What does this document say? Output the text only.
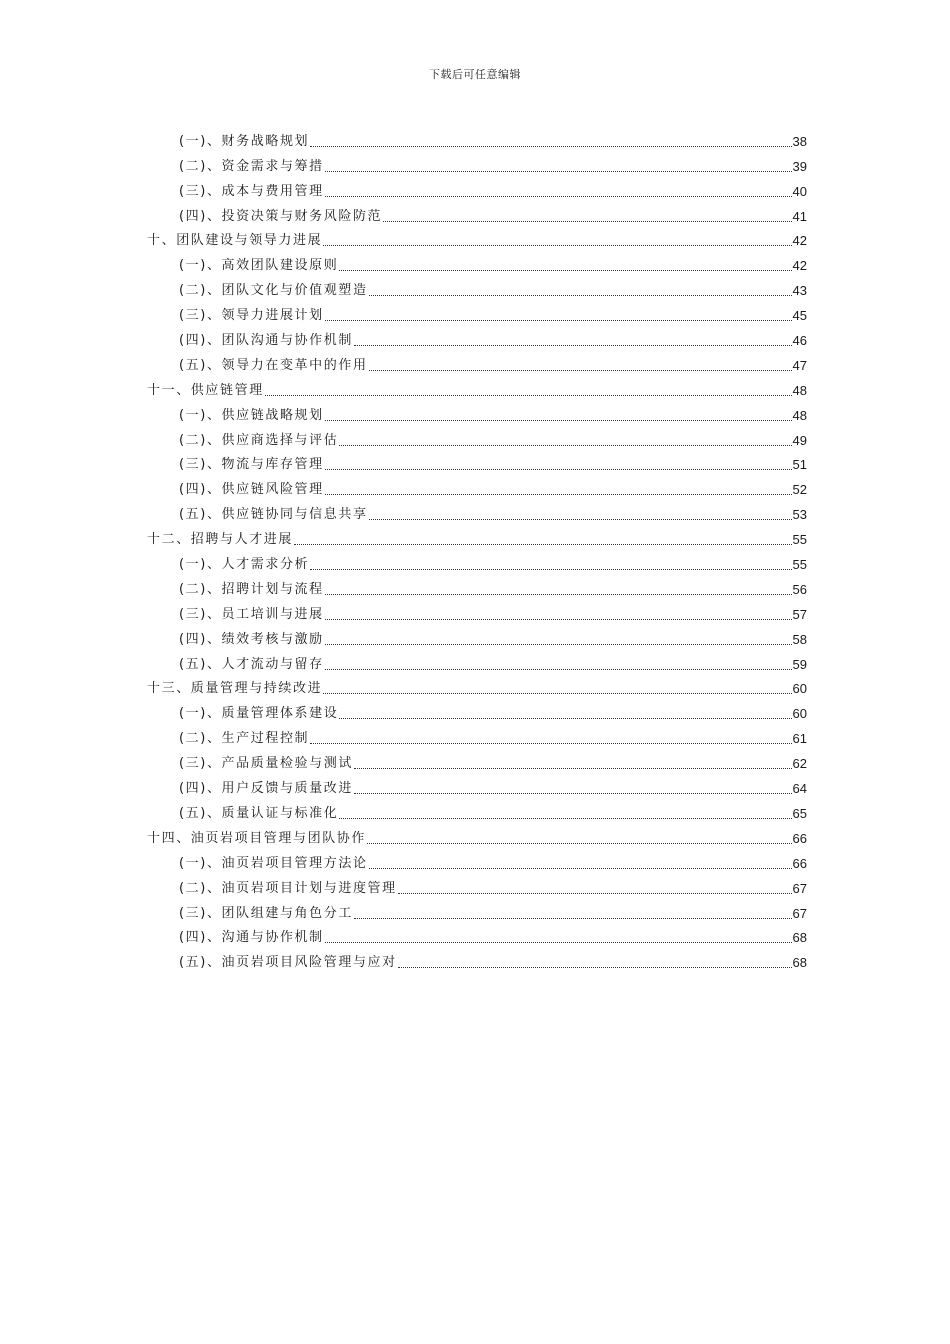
下载后可任意编辑
(一)、财务战略规划	38
(二)、资金需求与筹措	39
(三)、成本与费用管理	40
(四)、投资决策与财务风险防范	41
十、团队建设与领导力进展	42
(一)、高效团队建设原则	42
(二)、团队文化与价值观塑造	43
(三)、领导力进展计划	45
(四)、团队沟通与协作机制	46
(五)、领导力在变革中的作用	47
十一、供应链管理	48
(一)、供应链战略规划	48
(二)、供应商选择与评估	49
(三)、物流与库存管理	51
(四)、供应链风险管理	52
(五)、供应链协同与信息共享	53
十二、招聘与人才进展	55
(一)、人才需求分析	55
(二)、招聘计划与流程	56
(三)、员工培训与进展	57
(四)、绩效考核与激励	58
(五)、人才流动与留存	59
十三、质量管理与持续改进	60
(一)、质量管理体系建设	60
(二)、生产过程控制	61
(三)、产品质量检验与测试	62
(四)、用户反馈与质量改进	64
(五)、质量认证与标准化	65
十四、油页岩项目管理与团队协作	66
(一)、油页岩项目管理方法论	66
(二)、油页岩项目计划与进度管理	67
(三)、团队组建与角色分工	67
(四)、沟通与协作机制	68
(五)、油页岩项目风险管理与应对	68
